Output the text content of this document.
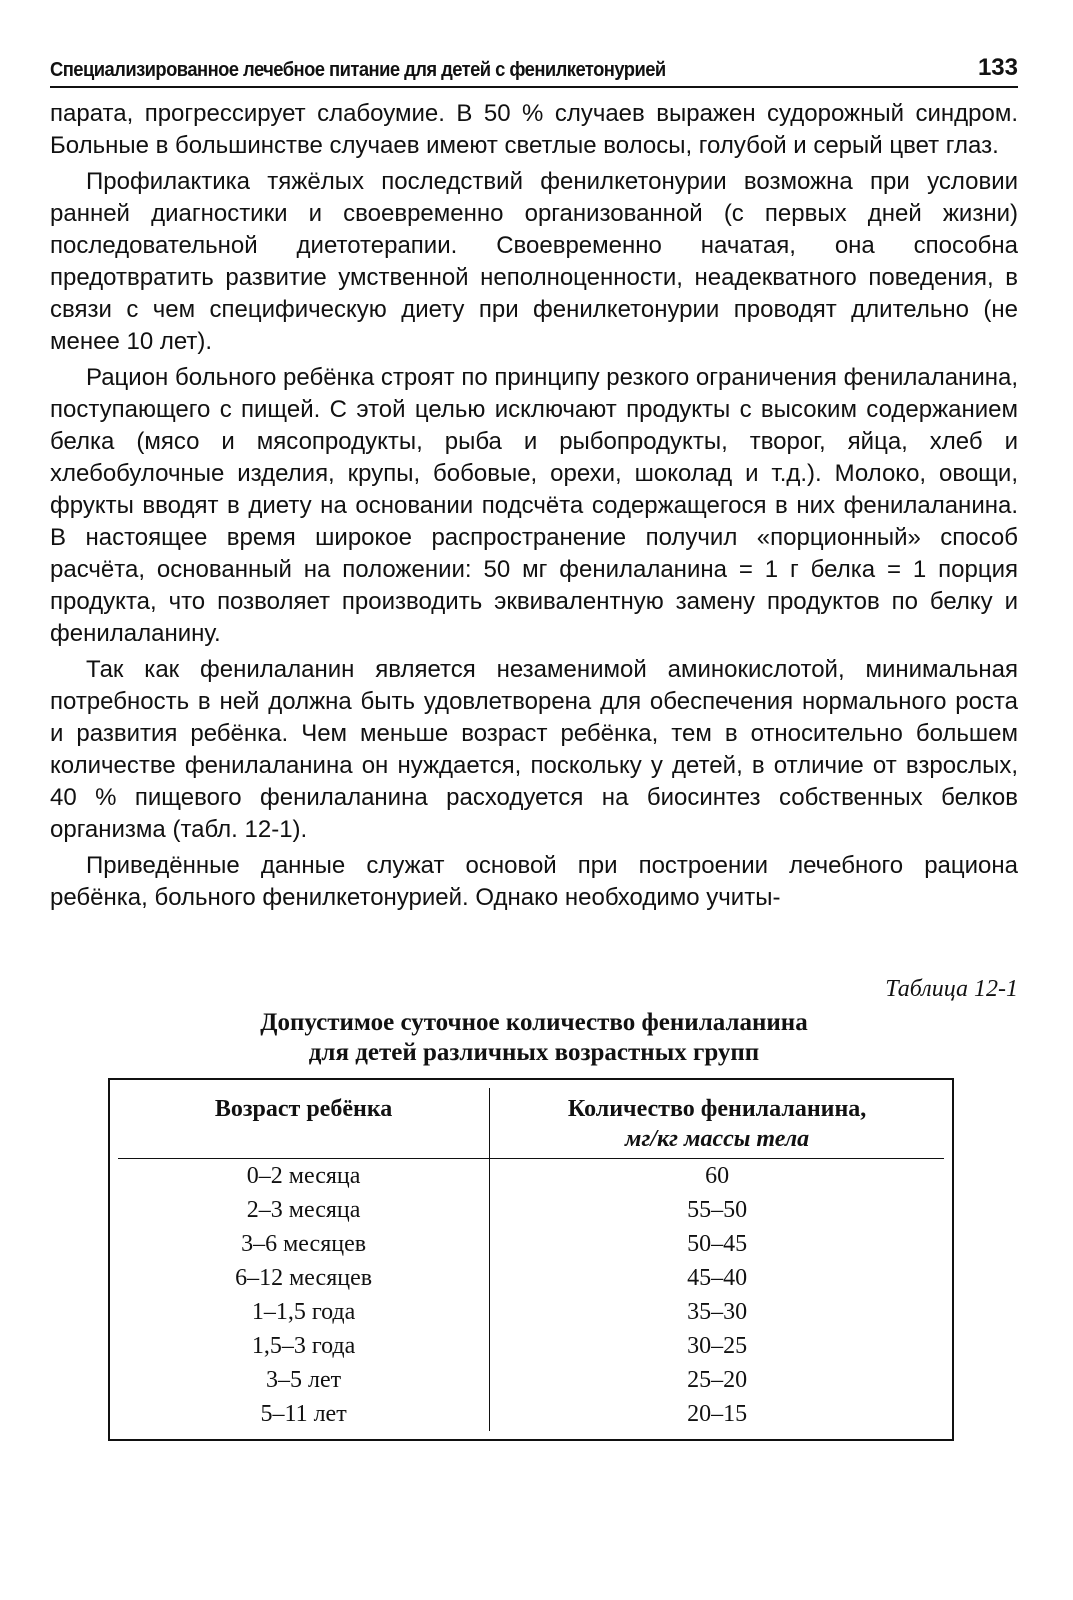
Специализированное лечебное питание для детей с фенилкетонурией	133

парата, прогрессирует слабоумие. В 50 % случаев выражен судорожный синдром. Больные в большинстве случаев имеют светлые волосы, голубой и серый цвет глаз.

Профилактика тяжёлых последствий фенилкетонурии возможна при условии ранней диагностики и своевременно организованной (с первых дней жизни) последовательной диетотерапии. Своевременно начатая, она способна предотвратить развитие умственной неполноценности, неадекватного поведения, в связи с чем специфическую диету при фенилкетонурии проводят длительно (не менее 10 лет).

Рацион больного ребёнка строят по принципу резкого ограничения фенилаланина, поступающего с пищей. С этой целью исключают продукты с высоким содержанием белка (мясо и мясопродукты, рыба и рыбопродукты, творог, яйца, хлеб и хлебобулочные изделия, крупы, бобовые, орехи, шоколад и т.д.). Молоко, овощи, фрукты вводят в диету на основании подсчёта содержащегося в них фенилаланина. В настоящее время широкое распространение получил «порционный» способ расчёта, основанный на положении: 50 мг фенилаланина = 1 г белка = 1 порция продукта, что позволяет производить эквивалентную замену продуктов по белку и фенилаланину.

Так как фенилаланин является незаменимой аминокислотой, минимальная потребность в ней должна быть удовлетворена для обеспечения нормального роста и развития ребёнка. Чем меньше возраст ребёнка, тем в относительно большем количестве фенилаланина он нуждается, поскольку у детей, в отличие от взрослых, 40 % пищевого фенилаланина расходуется на биосинтез собственных белков организма (табл. 12-1).

Приведённые данные служат основой при построении лечебного рациона ребёнка, больного фенилкетонурией. Однако необходимо учиты-

Таблица 12-1
Допустимое суточное количество фенилаланина
для детей различных возрастных групп
Возраст ребёнка	Количество фенилаланина,
мг/кг массы тела

0–2 месяца	60
2–3 месяца	55–50
3–6 месяцев	50–45
6–12 месяцев	45–40
1–1,5 года	35–30
1,5–3 года	30–25
3–5 лет	25–20
5–11 лет	20–15
